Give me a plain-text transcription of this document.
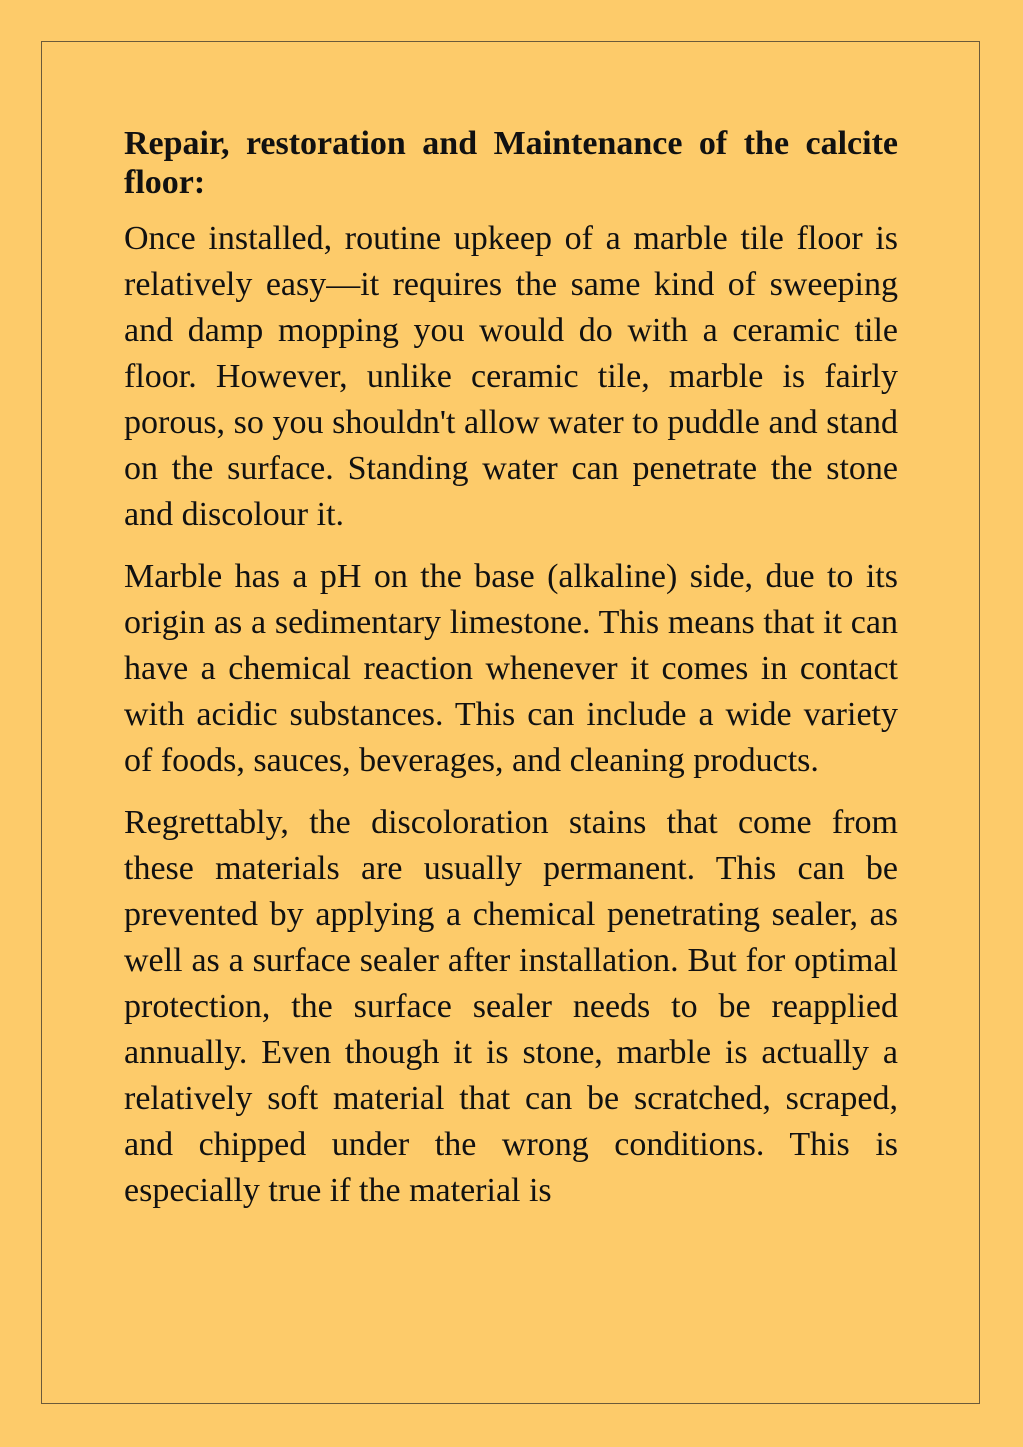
Repair, restoration and Maintenance of the calcite floor:

Once installed, routine upkeep of a marble tile floor is relatively easy—it requires the same kind of sweeping and damp mopping you would do with a ceramic tile floor. However, unlike ceramic tile, marble is fairly porous, so you shouldn't allow water to puddle and stand on the surface. Standing water can penetrate the stone and discolour it.

Marble has a pH on the base (alkaline) side, due to its origin as a sedimentary limestone. This means that it can have a chemical reaction whenever it comes in contact with acidic substances. This can include a wide variety of foods, sauces, beverages, and cleaning products.

Regrettably, the discoloration stains that come from these materials are usually permanent. This can be prevented by applying a chemical penetrating sealer, as well as a surface sealer after installation. But for optimal protection, the surface sealer needs to be reapplied annually. Even though it is stone, marble is actually a relatively soft material that can be scratched, scraped, and chipped under the wrong conditions. This is especially true if the material is
